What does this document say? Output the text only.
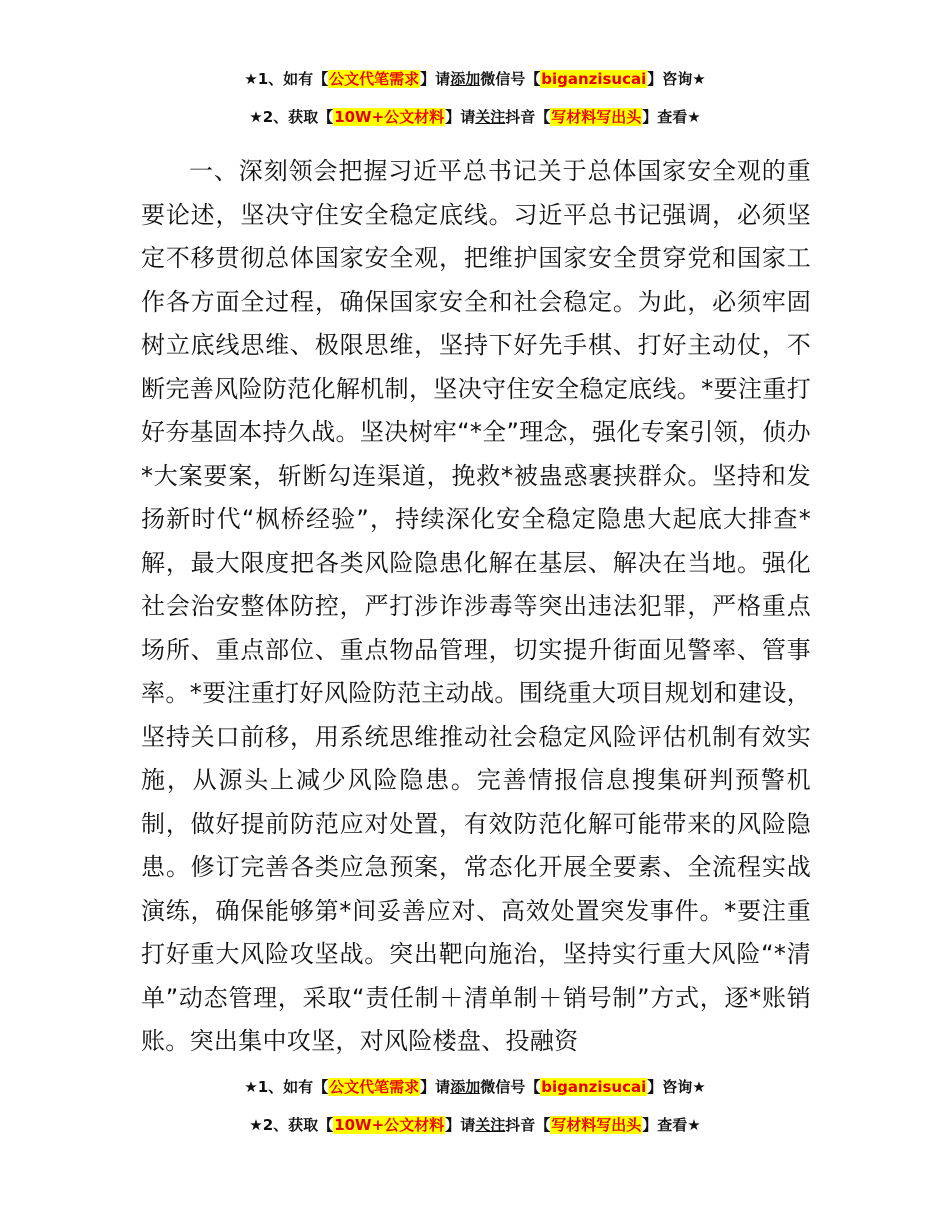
★1、如有【公文代笔需求】请添加微信号【biganzisucai】咨询★
★2、获取【10W+公文材料】请关注抖音【写材料写出头】查看★

一、深刻领会把握习近平总书记关于总体国家安全观的重要论述，坚决守住安全稳定底线。习近平总书记强调，必须坚定不移贯彻总体国家安全观，把维护国家安全贯穿党和国家工作各方面全过程，确保国家安全和社会稳定。为此，必须牢固树立底线思维、极限思维，坚持下好先手棋、打好主动仗，不断完善风险防范化解机制，坚决守住安全稳定底线。*要注重打好夯基固本持久战。坚决树牢“*全”理念，强化专案引领，侦办*大案要案，斩断勾连渠道，挽救*被蛊惑裹挟群众。坚持和发扬新时代“枫桥经验”，持续深化安全稳定隐患大起底大排查*解，最大限度把各类风险隐患化解在基层、解决在当地。强化社会治安整体防控，严打涉诈涉毒等突出违法犯罪，严格重点场所、重点部位、重点物品管理，切实提升街面见警率、管事率。*要注重打好风险防范主动战。围绕重大项目规划和建设，坚持关口前移，用系统思维推动社会稳定风险评估机制有效实施，从源头上减少风险隐患。完善情报信息搜集研判预警机制，做好提前防范应对处置，有效防范化解可能带来的风险隐患。修订完善各类应急预案，常态化开展全要素、全流程实战演练，确保能够第*间妥善应对、高效处置突发事件。*要注重打好重大风险攻坚战。突出靶向施治，坚持实行重大风险“*清单”动态管理，采取“责任制＋清单制＋销号制”方式，逐*账销账。突出集中攻坚，对风险楼盘、投融资

★1、如有【公文代笔需求】请添加微信号【biganzisucai】咨询★
★2、获取【10W+公文材料】请关注抖音【写材料写出头】查看★
